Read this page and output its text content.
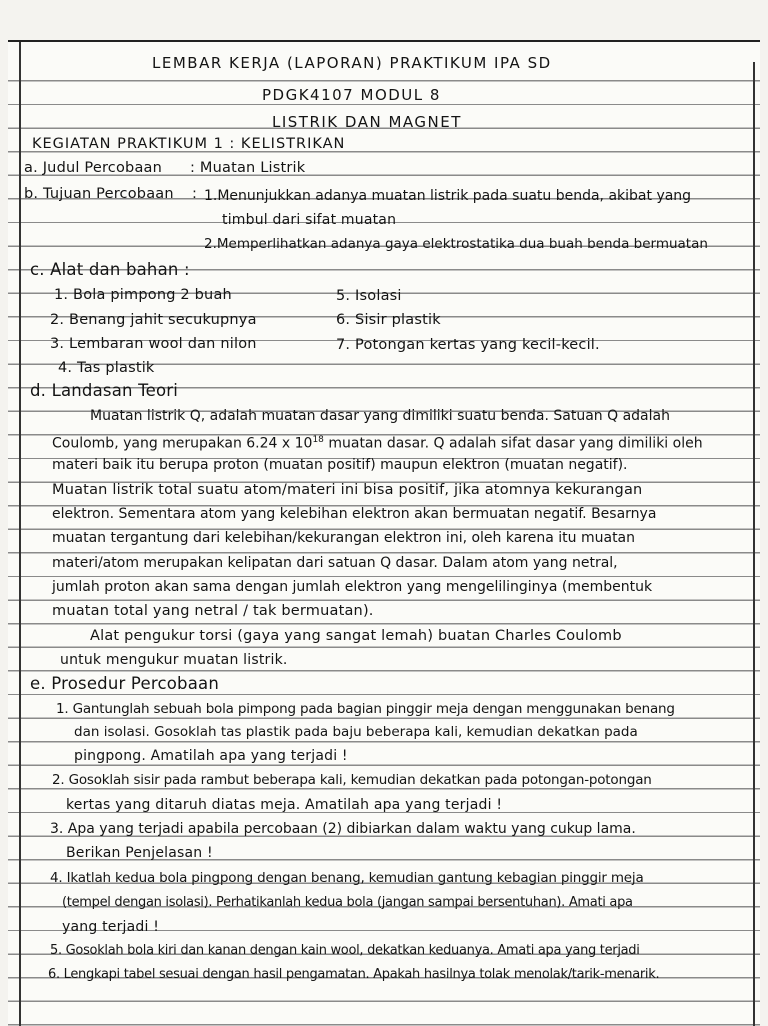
LEMBAR KERJA (LAPORAN) PRAKTIKUM IPA SD
PDGK4107 MODUL 8
LISTRIK DAN MAGNET
KEGIATAN PRAKTIKUM 1 : KELISTRIKAN
a. Judul Percobaan : Muatan Listrik
b. Tujuan Percobaan : 1.Menunjukkan adanya muatan listrik pada suatu benda, akibat yang
timbul dari sifat muatan
2.Memperlihatkan adanya gaya elektrostatika dua buah benda bermuatan
c. Alat dan bahan :
1. Bola pimpong 2 buah
2. Benang jahit secukupnya
3. Lembaran wool dan nilon
4. Tas plastik
5. Isolasi
6. Sisir plastik
7. Potongan kertas yang kecil-kecil.
d. Landasan Teori
Muatan listrik Q, adalah muatan dasar yang dimiliki suatu benda. Satuan Q adalah
Coulomb, yang merupakan 6.24 x $10^{18}$ muatan dasar. Q adalah sifat dasar yang dimiliki oleh
materi baik itu berupa proton (muatan positif) maupun elektron (muatan negatif).
Muatan listrik total suatu atom/materi ini bisa positif, jika atomnya kekurangan
elektron. Sementara atom yang kelebihan elektron akan bermuatan negatif. Besarnya
muatan tergantung dari kelebihan/kekurangan elektron ini, oleh karena itu muatan
materi/atom merupakan kelipatan dari satuan Q dasar. Dalam atom yang netral,
jumlah proton akan sama dengan jumlah elektron yang mengelilinginya (membentuk
muatan total yang netral / tak bermuatan).
Alat pengukur torsi (gaya yang sangat lemah) buatan Charles Coulomb
untuk mengukur muatan listrik.
e. Prosedur Percobaan
1. Gantunglah sebuah bola pimpong pada bagian pinggir meja dengan menggunakan benang
dan isolasi. Gosoklah tas plastik pada baju beberapa kali, kemudian dekatkan pada
pingpong. Amatilah apa yang terjadi !
2. Gosoklah sisir pada rambut beberapa kali, kemudian dekatkan pada potongan-potongan
kertas yang ditaruh diatas meja. Amatilah apa yang terjadi !
3. Apa yang terjadi apabila percobaan (2) dibiarkan dalam waktu yang cukup lama.
Berikan Penjelasan !
4. Ikatlah kedua bola pingpong dengan benang, kemudian gantung kebagian pinggir meja
(tempel dengan isolasi). Perhatikanlah kedua bola (jangan sampai bersentuhan). Amati apa
yang terjadi !
5. Gosoklah bola kiri dan kanan dengan kain wool, dekatkan keduanya. Amati apa yang terjadi
6. Lengkapi tabel sesuai dengan hasil pengamatan. Apakah hasilnya tolak menolak/tarik-menarik.
